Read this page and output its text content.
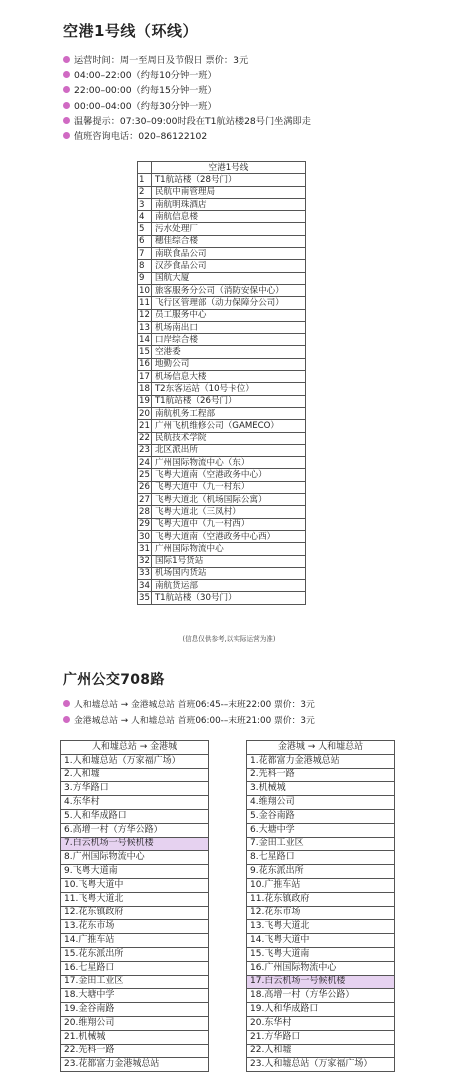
空港1号线（环线）
运营时间：周一至周日及节假日 票价：3元
04:00–22:00（约每10分钟一班）
22:00–00:00（约每15分钟一班）
00:00–04:00（约每30分钟一班）
温馨提示：07:30–09:00时段在T1航站楼28号门坐满即走
值班咨询电话：020–86122102
	空港1号线
1	T1航站楼（28号门）
2	民航中南管理局
3	南航明珠酒店
4	南航信息楼
5	污水处理厂
6	穗佳综合楼
7	南联食品公司
8	汉莎食品公司
9	国航大厦
10	旅客服务分公司（消防安保中心）
11	飞行区管理部（动力保障分公司）
12	员工服务中心
13	机场南出口
14	口岸综合楼
15	空港委
16	地勤公司
17	机场信息大楼
18	T2东客运站（10号卡位）
19	T1航站楼（26号门）
20	南航机务工程部
21	广州飞机维修公司（GAMECO）
22	民航技术学院
23	北区派出所
24	广州国际物流中心（东）
25	飞粤大道南（空港政务中心）
26	飞粤大道中（九一村东）
27	飞粤大道北（机场国际公寓）
28	飞粤大道北（三凤村）
29	飞粤大道中（九一村西）
30	飞粤大道南（空港政务中心西）
31	广州国际物流中心
32	国际1号货站
33	机场国内货站
34	南航货运部
35	T1航站楼（30号门）
(信息仅供参考,以实际运营为准)
广州公交708路
人和墟总站 → 金港城总站 首班06:45-–末班22:00 票价：3元
金港城总站 → 人和墟总站 首班06:00-–末班21:00 票价：3元
人和墟总站 → 金港城
1.人和墟总站（万家福广场）
2.人和墟
3.方华路口
4.东华村
5.人和华成路口
6.高增一村（方华公路）
7.白云机场一号候机楼
8.广州国际物流中心
9.飞粤大道南
10.飞粤大道中
11.飞粤大道北
12.花东镇政府
13.花东市场
14.广推车站
15.花东派出所
16.七星路口
17.金田工业区
18.大塘中学
19.金谷南路
20.维翔公司
21.机械城
22.先科一路
23.花都富力金港城总站
金港城 → 人和墟总站
1.花都富力金港城总站
2.先科一路
3.机械城
4.维翔公司
5.金谷南路
6.大塘中学
7.金田工业区
8.七星路口
9.花东派出所
10.广推车站
11.花东镇政府
12.花东市场
13.飞粤大道北
14.飞粤大道中
15.飞粤大道南
16.广州国际物流中心
17.白云机场一号候机楼
18.高增一村（方华公路）
19.人和华成路口
20.东华村
21.方华路口
22.人和墟
23.人和墟总站（万家福广场）
